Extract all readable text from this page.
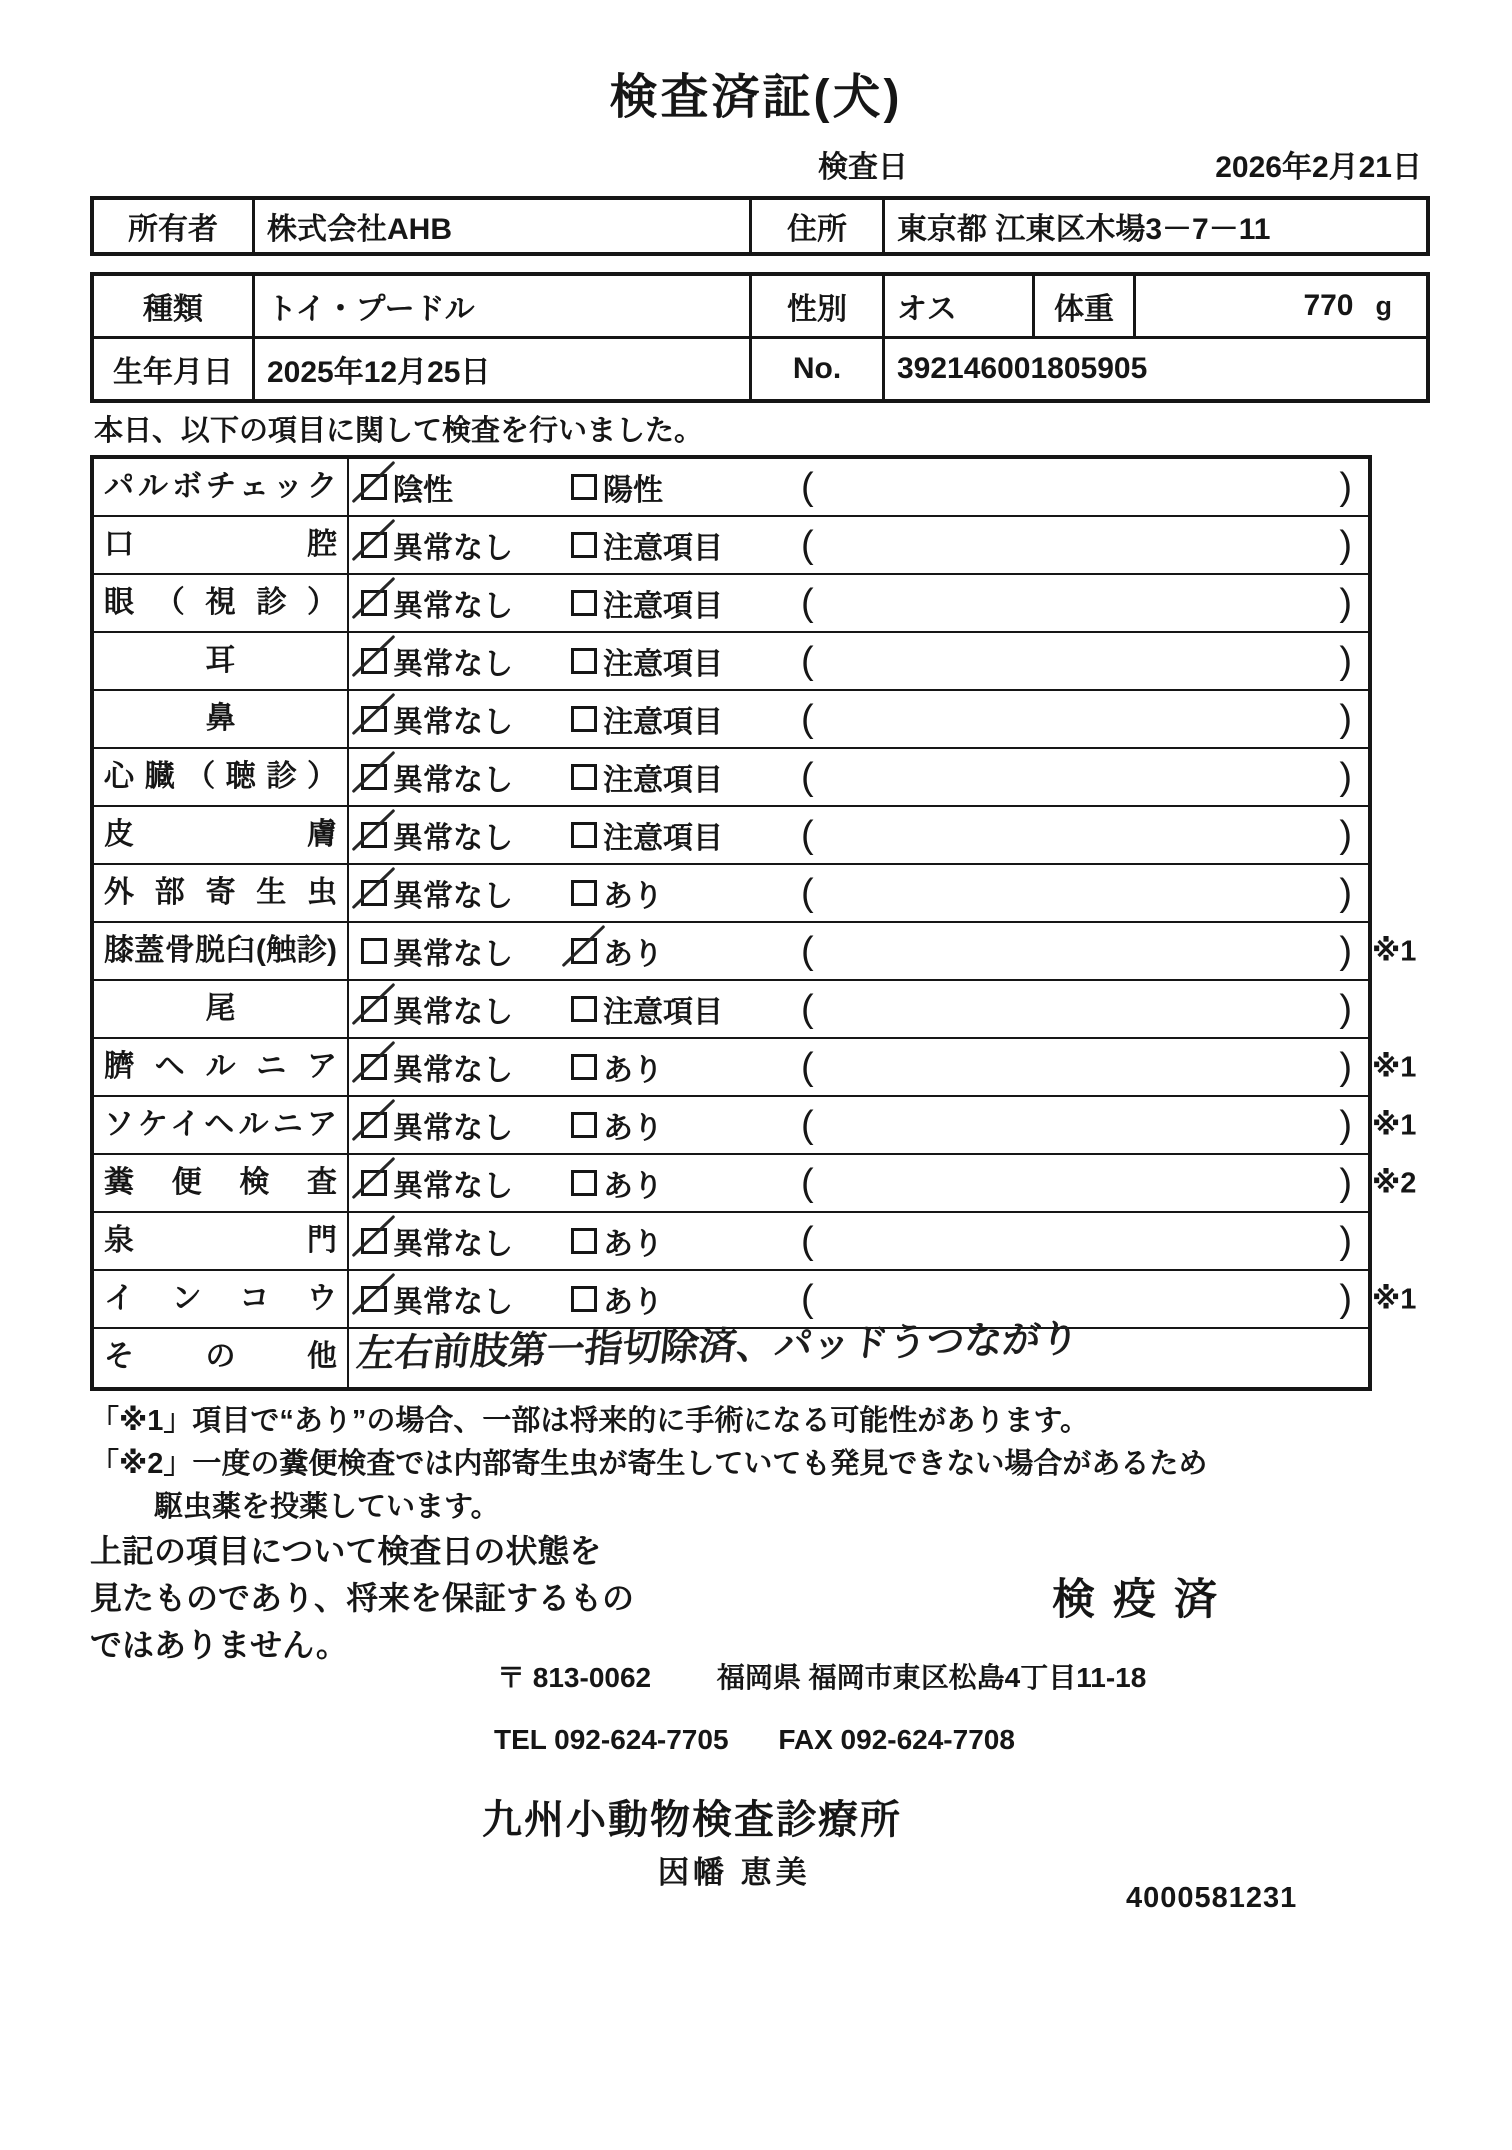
検査済証(犬)
検査日	2026年2月21日
所有者	株式会社AHB	住所	東京都 江東区木場3－7－11
種類	トイ・プードル	性別	オス	体重	770 g
生年月日	2025年12月25日	No.	392146001805905
本日、以下の項目に関して検査を行いました。
パルボチェック	陰性	陽性	(	)
口腔	異常なし	注意項目 (	)
眼（視診）	異常なし	注意項目 (	)
耳	異常なし	注意項目 (	)
鼻	異常なし	注意項目 (	)
心臓（聴診）	異常なし	注意項目 (	)
皮膚	異常なし	注意項目 (	)
外部寄生虫	異常なし	あり	(	)
膝蓋骨脱臼(触診)	異常なし	あり	(	) ※1
尾	異常なし	注意項目 (	)
臍ヘルニア	異常なし	あり	(	) ※1
ソケイヘルニア	異常なし	あり	(	) ※1
糞便検査	異常なし	あり	(	) ※2
泉門	異常なし	あり	(	)
インコウ	異常なし	あり	(	) ※1
その他 左右前肢第一指切除済、パッドうつながり
「※1」項目で“あり”の場合、一部は将来的に手術になる可能性があります。
「※2」一度の糞便検査では内部寄生虫が寄生していても発見できない場合があるため
駆虫薬を投薬しています。
上記の項目について検査日の状態を
見たものであり、将来を保証するもの
ではありません。
検疫済
〒 813-0062 福岡県 福岡市東区松島4丁目11-18
TEL 092-624-7705 FAX 092-624-7708
九州小動物検査診療所
因幡 恵美
4000581231
